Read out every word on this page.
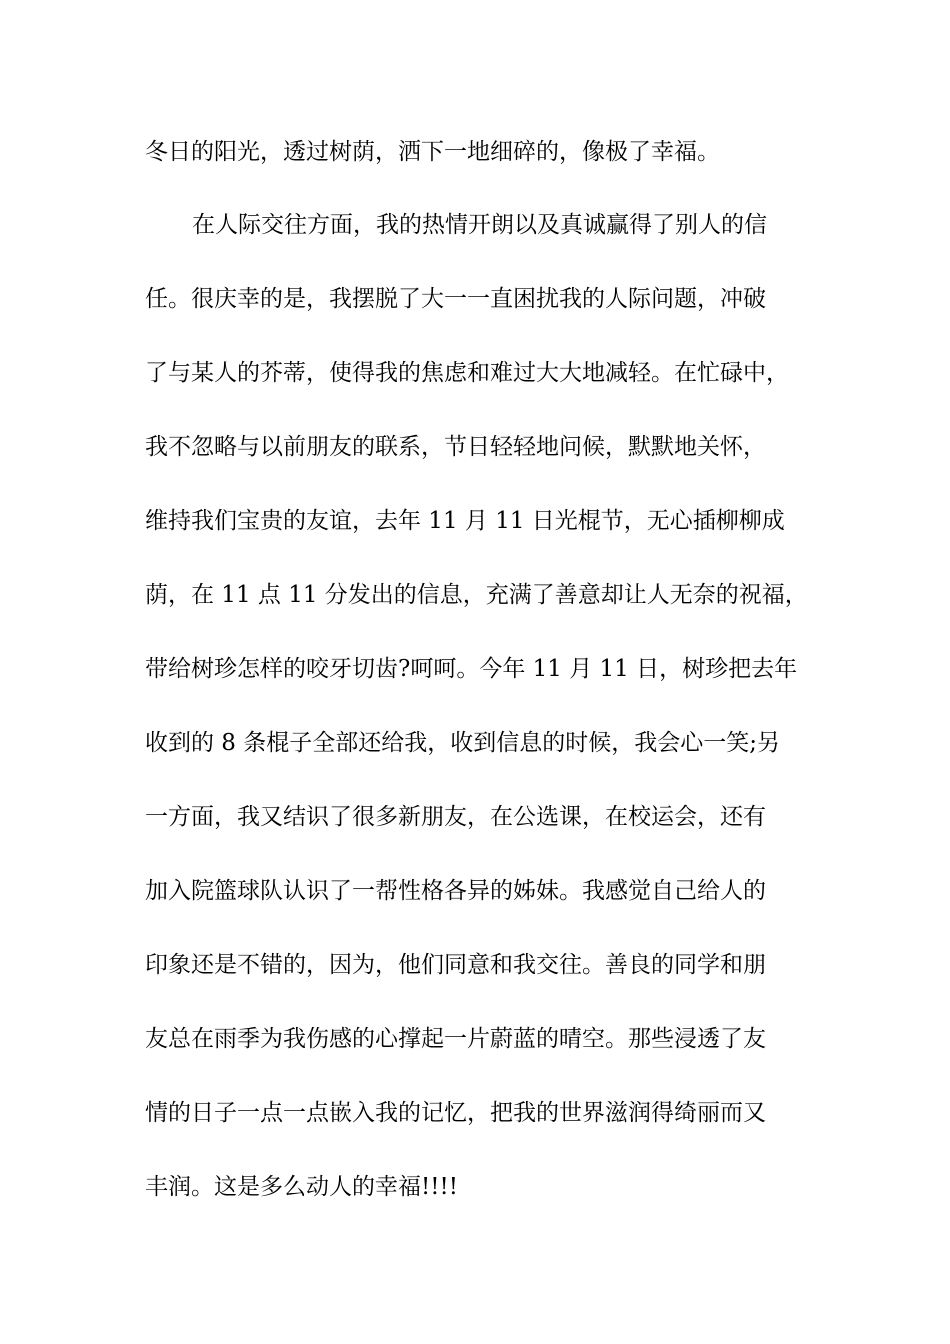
冬日的阳光，透过树荫，洒下一地细碎的，像极了幸福。
在人际交往方面，我的热情开朗以及真诚赢得了别人的信
任。很庆幸的是，我摆脱了大一一直困扰我的人际问题，冲破
了与某人的芥蒂，使得我的焦虑和难过大大地减轻。在忙碌中，
我不忽略与以前朋友的联系，节日轻轻地问候，默默地关怀，
维持我们宝贵的友谊，去年 11 月 11 日光棍节，无心插柳柳成
荫，在 11 点 11 分发出的信息，充满了善意却让人无奈的祝福，
带给树珍怎样的咬牙切齿?呵呵。今年 11 月 11 日，树珍把去年
收到的 8 条棍子全部还给我，收到信息的时候，我会心一笑;另
一方面，我又结识了很多新朋友，在公选课，在校运会，还有
加入院篮球队认识了一帮性格各异的姊妹。我感觉自己给人的
印象还是不错的，因为，他们同意和我交往。善良的同学和朋
友总在雨季为我伤感的心撑起一片蔚蓝的晴空。那些浸透了友
情的日子一点一点嵌入我的记忆，把我的世界滋润得绮丽而又
丰润。这是多么动人的幸福!!!!
